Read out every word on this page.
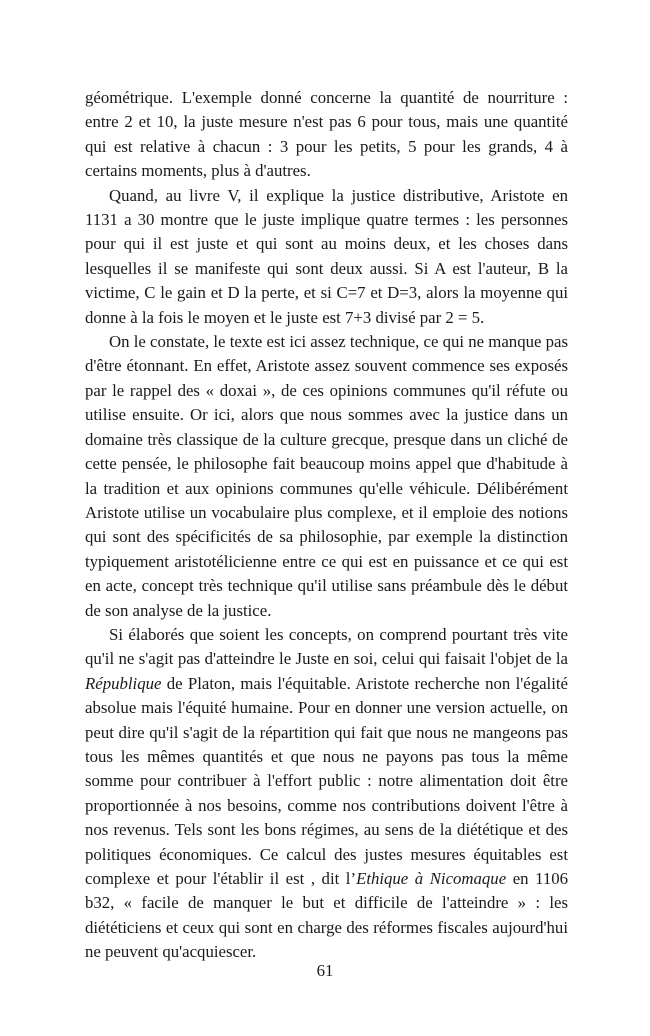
géométrique. L'exemple donné concerne la quantité de nourriture : entre 2 et 10, la juste mesure n'est pas 6 pour tous, mais une quantité qui est relative à chacun : 3 pour les petits, 5 pour les grands, 4 à certains moments, plus à d'autres.

Quand, au livre V, il explique la justice distributive, Aristote en 1131 a 30 montre que le juste implique quatre termes : les personnes pour qui il est juste et qui sont au moins deux, et les choses dans lesquelles il se manifeste qui sont deux aussi. Si A est l'auteur, B la victime, C le gain et D la perte, et si C=7 et D=3, alors la moyenne qui donne à la fois le moyen et le juste est 7+3 divisé par 2 = 5.

On le constate, le texte est ici assez technique, ce qui ne manque pas d'être étonnant. En effet, Aristote assez souvent commence ses exposés par le rappel des « doxai », de ces opinions communes qu'il réfute ou utilise ensuite. Or ici, alors que nous sommes avec la justice dans un domaine très classique de la culture grecque, presque dans un cliché de cette pensée, le philosophe fait beaucoup moins appel que d'habitude à la tradition et aux opinions communes qu'elle véhicule. Délibérément Aristote utilise un vocabulaire plus complexe, et il emploie des notions qui sont des spécificités de sa philosophie, par exemple la distinction typiquement aristotélicienne entre ce qui est en puissance et ce qui est en acte, concept très technique qu'il utilise sans préambule dès le début de son analyse de la justice.

Si élaborés que soient les concepts, on comprend pourtant très vite qu'il ne s'agit pas d'atteindre le Juste en soi, celui qui faisait l'objet de la République de Platon, mais l'équitable. Aristote recherche non l'égalité absolue mais l'équité humaine. Pour en donner une version actuelle, on peut dire qu'il s'agit de la répartition qui fait que nous ne mangeons pas tous les mêmes quantités et que nous ne payons pas tous la même somme pour contribuer à l'effort public : notre alimentation doit être proportionnée à nos besoins, comme nos contributions doivent l'être à nos revenus. Tels sont les bons régimes, au sens de la diététique et des politiques économiques. Ce calcul des justes mesures équitables est complexe et pour l'établir il est , dit l’Ethique à Nicomaque en 1106 b32, « facile de manquer le but et difficile de l'atteindre » : les diététiciens et ceux qui sont en charge des réformes fiscales aujourd'hui ne peuvent qu'acquiescer.

61
